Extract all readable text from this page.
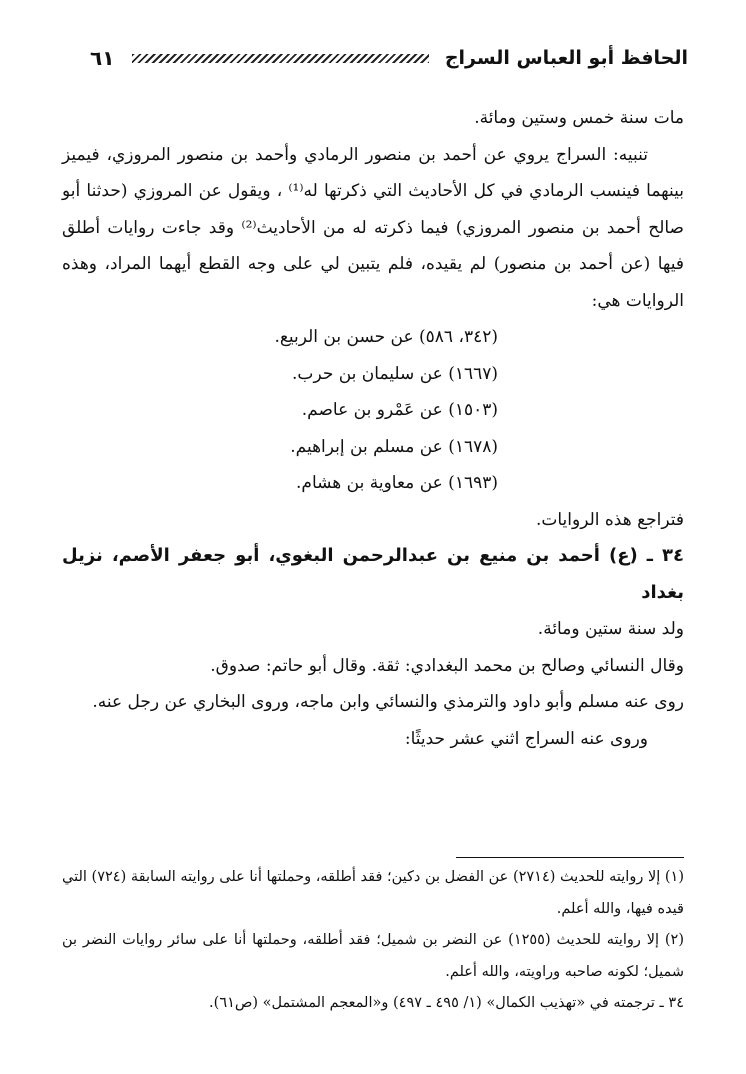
الحافظ أبو العباس السراج
٦١

مات سنة خمس وستين ومائة.

تنبيه: السراج يروي عن أحمد بن منصور الرمادي وأحمد بن منصور المروزي، فيميز بينهما فينسب الرمادي في كل الأحاديث التي ذكرتها له⁽¹⁾ ، ويقول عن المروزي (حدثنا أبو صالح أحمد بن منصور المروزي) فيما ذكرته له من الأحاديث⁽²⁾ وقد جاءت روايات أطلق فيها (عن أحمد بن منصور) لم يقيده، فلم يتبين لي على وجه القطع أيهما المراد، وهذه الروايات هي:

(٣٤٢، ٥٨٦) عن حسن بن الربيع.

(١٦٦٧) عن سليمان بن حرب.

(١٥٠٣) عن عَمْرو بن عاصم.

(١٦٧٨) عن مسلم بن إبراهيم.

(١٦٩٣) عن معاوية بن هشام.

فتراجع هذه الروايات.

٣٤ ـ (ع) أحمد بن منيع بن عبدالرحمن البغوي، أبو جعفر الأصم، نزيل بغداد

ولد سنة ستين ومائة.

وقال النسائي وصالح بن محمد البغدادي: ثقة. وقال أبو حاتم: صدوق.

روى عنه مسلم وأبو داود والترمذي والنسائي وابن ماجه، وروى البخاري عن رجل عنه.

وروى عنه السراج اثني عشر حديثًا:

(١) إلا روايته للحديث (٢٧١٤) عن الفضل بن دكين؛ فقد أطلقه، وحملتها أنا على روايته السابقة (٧٢٤) التي قيده فيها، والله أعلم.

(٢) إلا روايته للحديث (١٢٥٥) عن النضر بن شميل؛ فقد أطلقه، وحملتها أنا على سائر روايات النضر بن شميل؛ لكونه صاحبه وراويته، والله أعلم.

٣٤ ـ ترجمته في «تهذيب الكمال» (١/ ٤٩٥ ـ ٤٩٧) و«المعجم المشتمل» (ص٦١).
